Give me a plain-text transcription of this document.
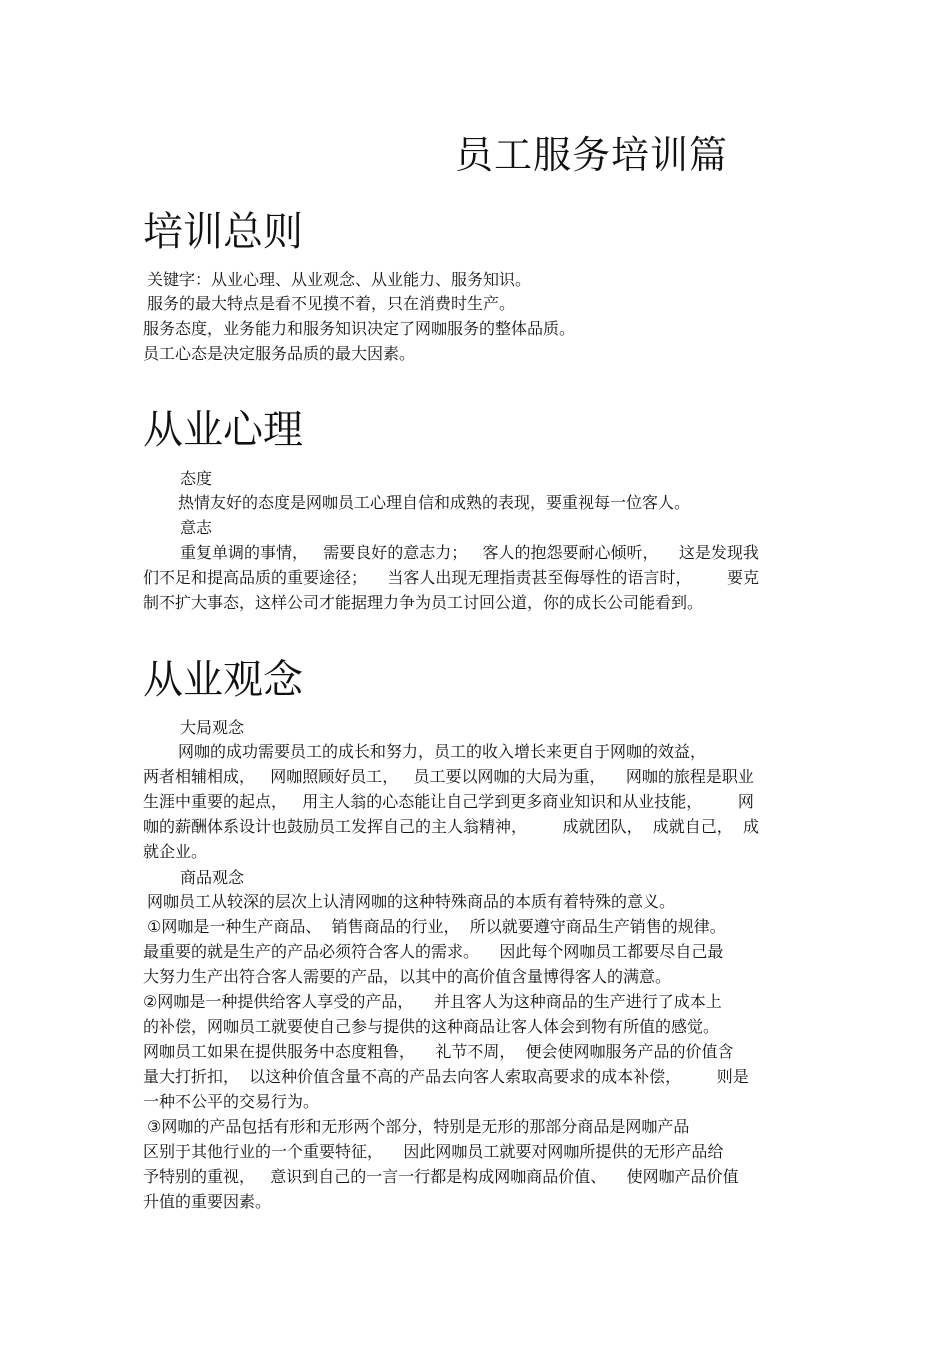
员工服务培训篇
培训总则
关键字：从业心理、从业观念、从业能力、服务知识。
服务的最大特点是看不见摸不着，只在消费时生产。
服务态度，业务能力和服务知识决定了网咖服务的整体品质。
员工心态是决定服务品质的最大因素。
从业心理
态度
热情友好的态度是网咖员工心理自信和成熟的表现，要重视每一位客人。
意志
重复单调的事情，   需要良好的意志力；   客人的抱怨要耐心倾听，    这是发现我
们不足和提高品质的重要途径；    当客人出现无理指责甚至侮辱性的语言时，       要克
制不扩大事态，这样公司才能据理力争为员工讨回公道，你的成长公司能看到。
从业观念
大局观念
网咖的成功需要员工的成长和努力，员工的收入增长来更自于网咖的效益，
两者相辅相成，   网咖照顾好员工，   员工要以网咖的大局为重，    网咖的旅程是职业
生涯中重要的起点，   用主人翁的心态能让自己学到更多商业知识和从业技能，       网
咖的薪酬体系设计也鼓励员工发挥自己的主人翁精神，       成就团队，  成就自己，  成
就企业。
商品观念
网咖员工从较深的层次上认清网咖的这种特殊商品的本质有着特殊的意义。
①网咖是一种生产商品、  销售商品的行业，  所以就要遵守商品生产销售的规律。
最重要的就是生产的产品必须符合客人的需求。    因此每个网咖员工都要尽自己最
大努力生产出符合客人需要的产品，以其中的高价值含量博得客人的满意。
②网咖是一种提供给客人享受的产品，    并且客人为这种商品的生产进行了成本上
的补偿，网咖员工就要使自己参与提供的这种商品让客人体会到物有所值的感觉。
网咖员工如果在提供服务中态度粗鲁，    礼节不周，  便会使网咖服务产品的价值含
量大打折扣，  以这种价值含量不高的产品去向客人索取高要求的成本补偿，       则是
一种不公平的交易行为。
③网咖的产品包括有形和无形两个部分，特别是无形的那部分商品是网咖产品
区别于其他行业的一个重要特征，    因此网咖员工就要对网咖所提供的无形产品给
予特别的重视，   意识到自己的一言一行都是构成网咖商品价值、    使网咖产品价值
升值的重要因素。
